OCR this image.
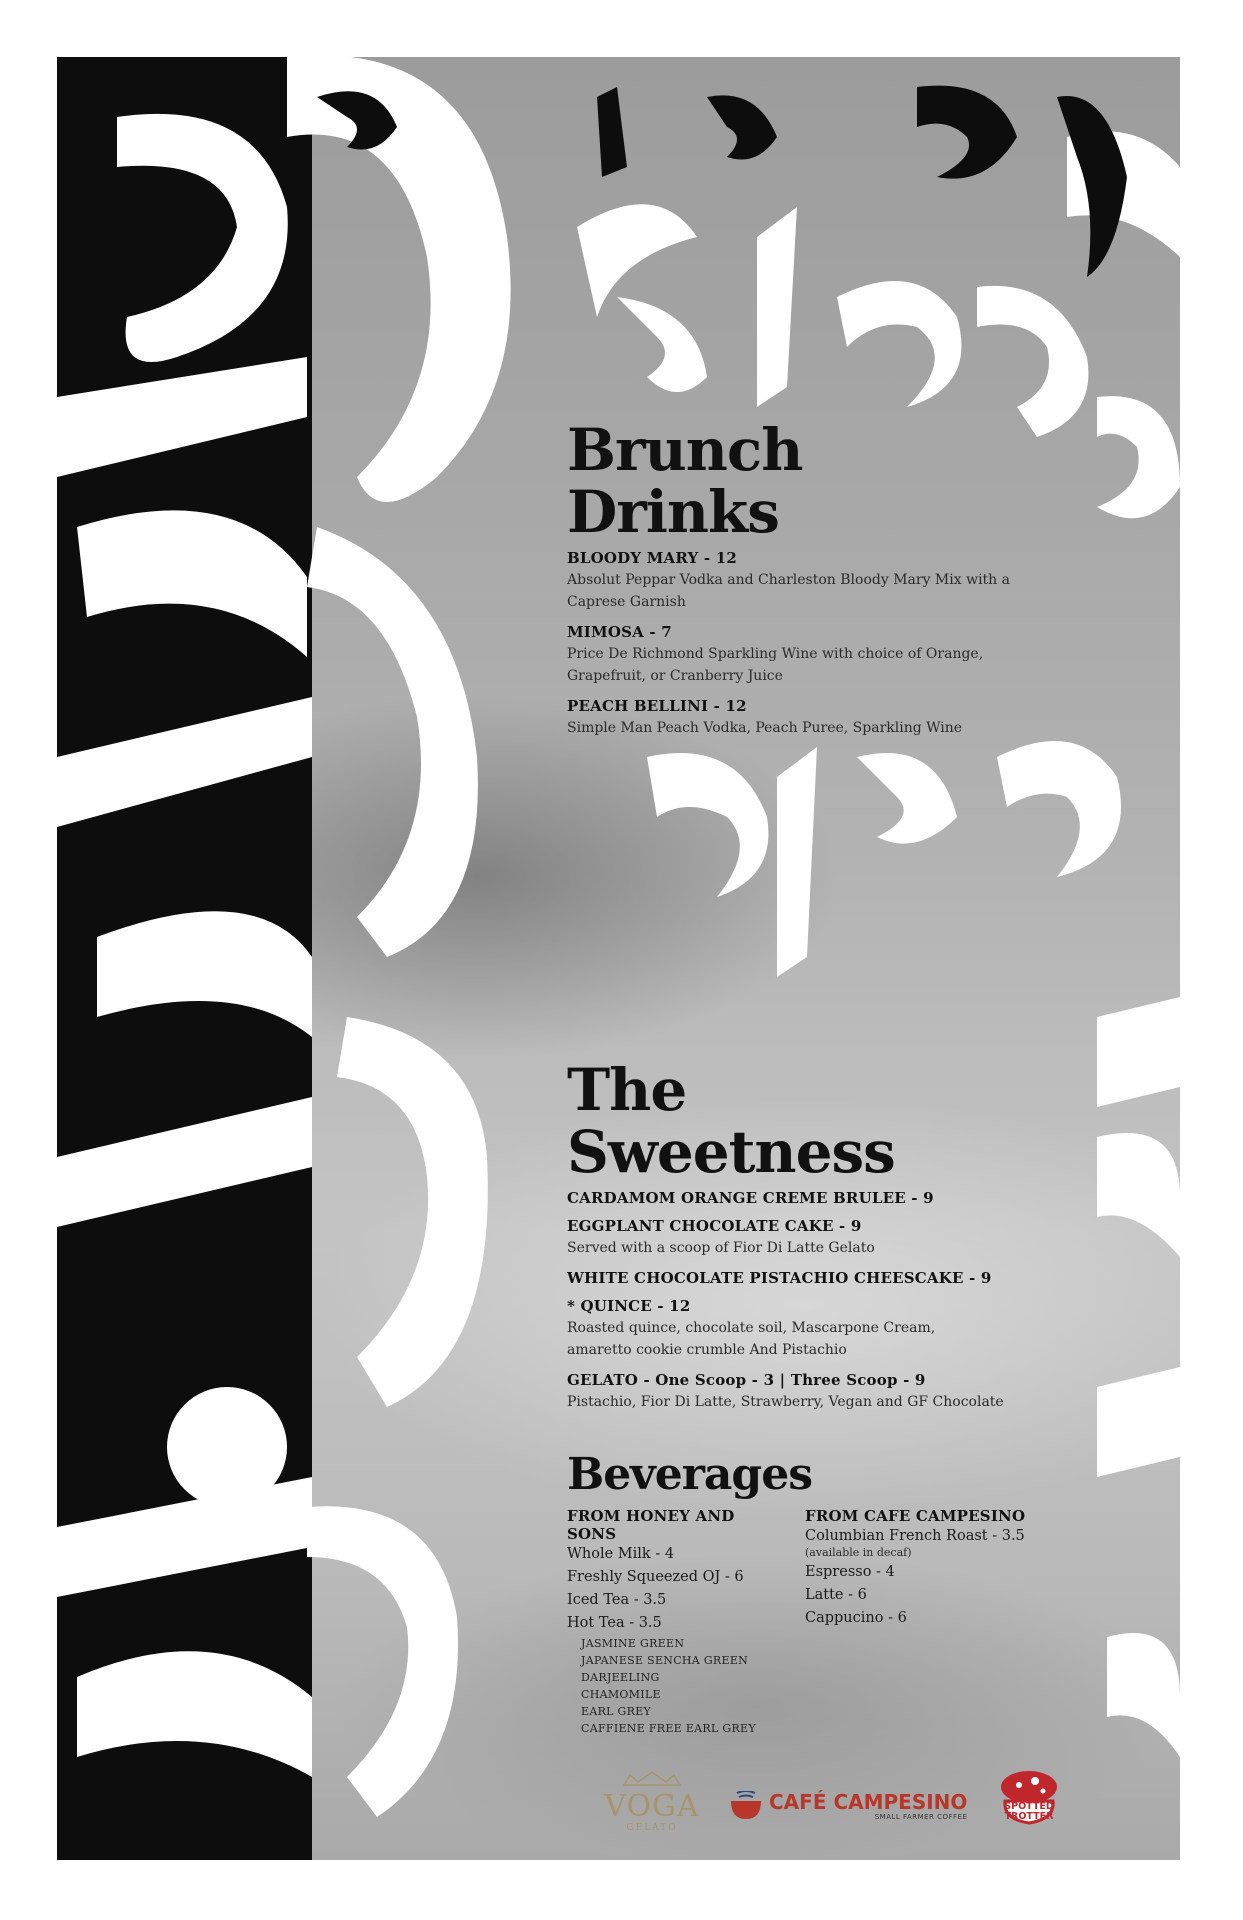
Brunch
Drinks

BLOODY MARY - 12

Absolut Peppar Vodka and Charleston Bloody Mary Mix with a Caprese Garnish

MIMOSA - 7

Price De Richmond Sparkling Wine with choice of Orange, Grapefruit, or Cranberry Juice

PEACH BELLINI - 12

Simple Man Peach Vodka, Peach Puree, Sparkling Wine

The
Sweetness

CARDAMOM ORANGE CREME BRULEE - 9

EGGPLANT CHOCOLATE CAKE - 9

Served with a scoop of Fior Di Latte Gelato

WHITE CHOCOLATE PISTACHIO CHEESCAKE - 9

* QUINCE - 12

Roasted quince, chocolate soil, Mascarpone Cream, amaretto cookie crumble And Pistachio

GELATO - One Scoop - 3 | Three Scoop - 9

Pistachio, Fior Di Latte, Strawberry, Vegan and GF Chocolate

Beverages

FROM HONEY AND SONS

Whole Milk - 4

Freshly Squeezed OJ - 6

Iced Tea - 3.5

Hot Tea - 3.5

JASMINE GREEN

JAPANESE SENCHA GREEN

DARJEELING

CHAMOMILE

EARL GREY

CAFFIENE FREE EARL GREY

FROM CAFE CAMPESINO

Columbian French Roast - 3.5

(available in decaf)

Espresso - 4

Latte - 6

Cappucino - 6

VOGA
GELATO
CAFÉ CAMPESINO
SMALL FARMER COFFEE
SPOTTED
TROTTER
